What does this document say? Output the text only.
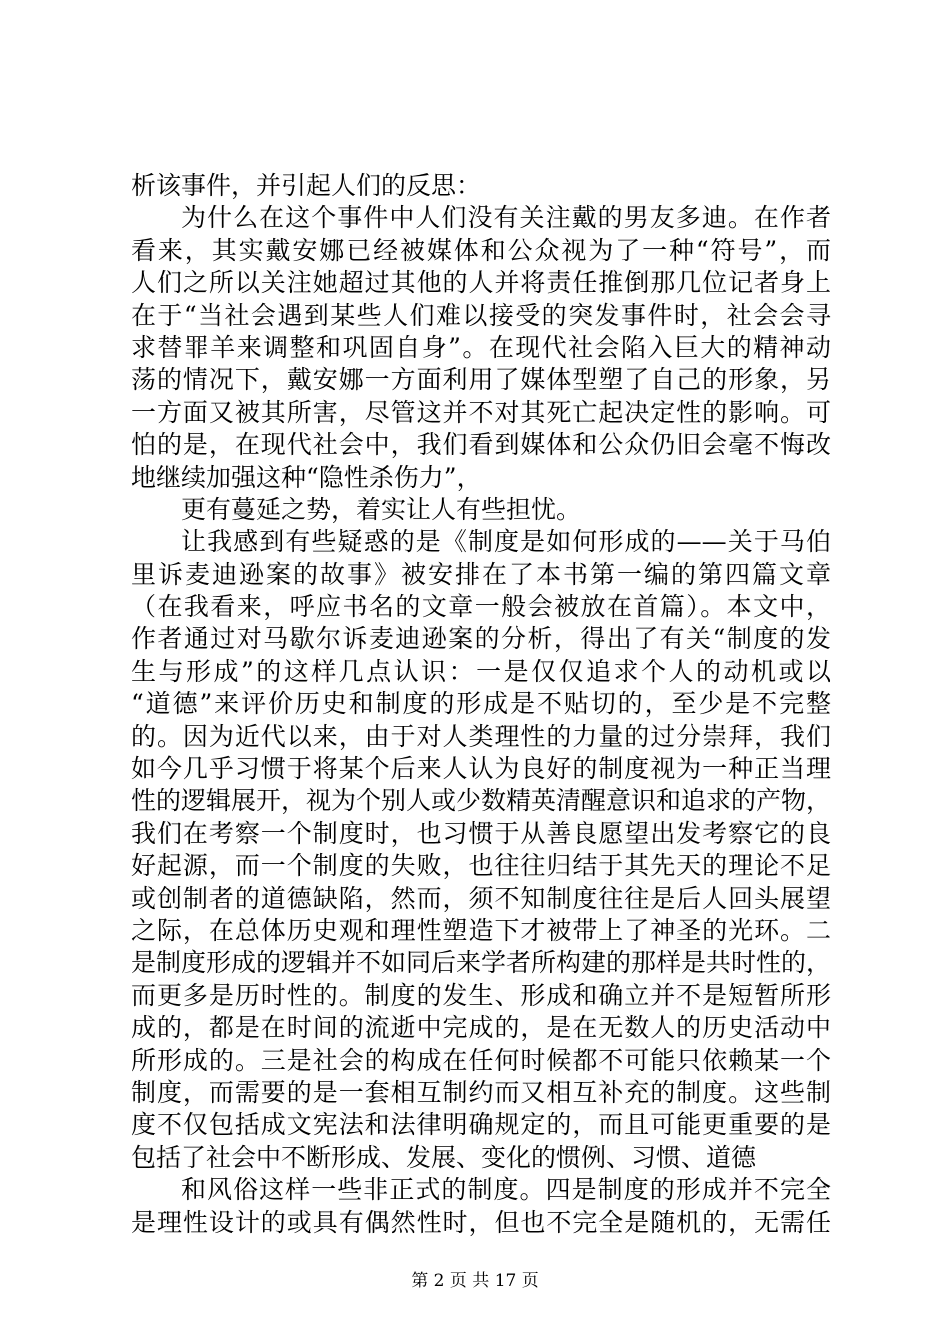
析该事件，并引起人们的反思：
为什么在这个事件中人们没有关注戴的男友多迪。在作者
看来，其实戴安娜已经被媒体和公众视为了一种“符号”，而
人们之所以关注她超过其他的人并将责任推倒那几位记者身上
在于“当社会遇到某些人们难以接受的突发事件时，社会会寻
求替罪羊来调整和巩固自身”。在现代社会陷入巨大的精神动
荡的情况下，戴安娜一方面利用了媒体型塑了自己的形象，另
一方面又被其所害，尽管这并不对其死亡起决定性的影响。可
怕的是，在现代社会中，我们看到媒体和公众仍旧会毫不悔改
地继续加强这种“隐性杀伤力”，
更有蔓延之势，着实让人有些担忧。
让我感到有些疑惑的是《制度是如何形成的——关于马伯
里诉麦迪逊案的故事》被安排在了本书第一编的第四篇文章
（在我看来，呼应书名的文章一般会被放在首篇）。本文中，
作者通过对马歇尔诉麦迪逊案的分析，得出了有关“制度的发
生与形成”的这样几点认识：一是仅仅追求个人的动机或以
“道德”来评价历史和制度的形成是不贴切的，至少是不完整
的。因为近代以来，由于对人类理性的力量的过分崇拜，我们
如今几乎习惯于将某个后来人认为良好的制度视为一种正当理
性的逻辑展开，视为个别人或少数精英清醒意识和追求的产物，
我们在考察一个制度时，也习惯于从善良愿望出发考察它的良
好起源，而一个制度的失败，也往往归结于其先天的理论不足
或创制者的道德缺陷，然而，须不知制度往往是后人回头展望
之际，在总体历史观和理性塑造下才被带上了神圣的光环。二
是制度形成的逻辑并不如同后来学者所构建的那样是共时性的，
而更多是历时性的。制度的发生、形成和确立并不是短暂所形
成的，都是在时间的流逝中完成的，是在无数人的历史活动中
所形成的。三是社会的构成在任何时候都不可能只依赖某一个
制度，而需要的是一套相互制约而又相互补充的制度。这些制
度不仅包括成文宪法和法律明确规定的，而且可能更重要的是
包括了社会中不断形成、发展、变化的惯例、习惯、道德
和风俗这样一些非正式的制度。四是制度的形成并不完全
是理性设计的或具有偶然性时，但也不完全是随机的，无需任
第 2 页 共 17 页
